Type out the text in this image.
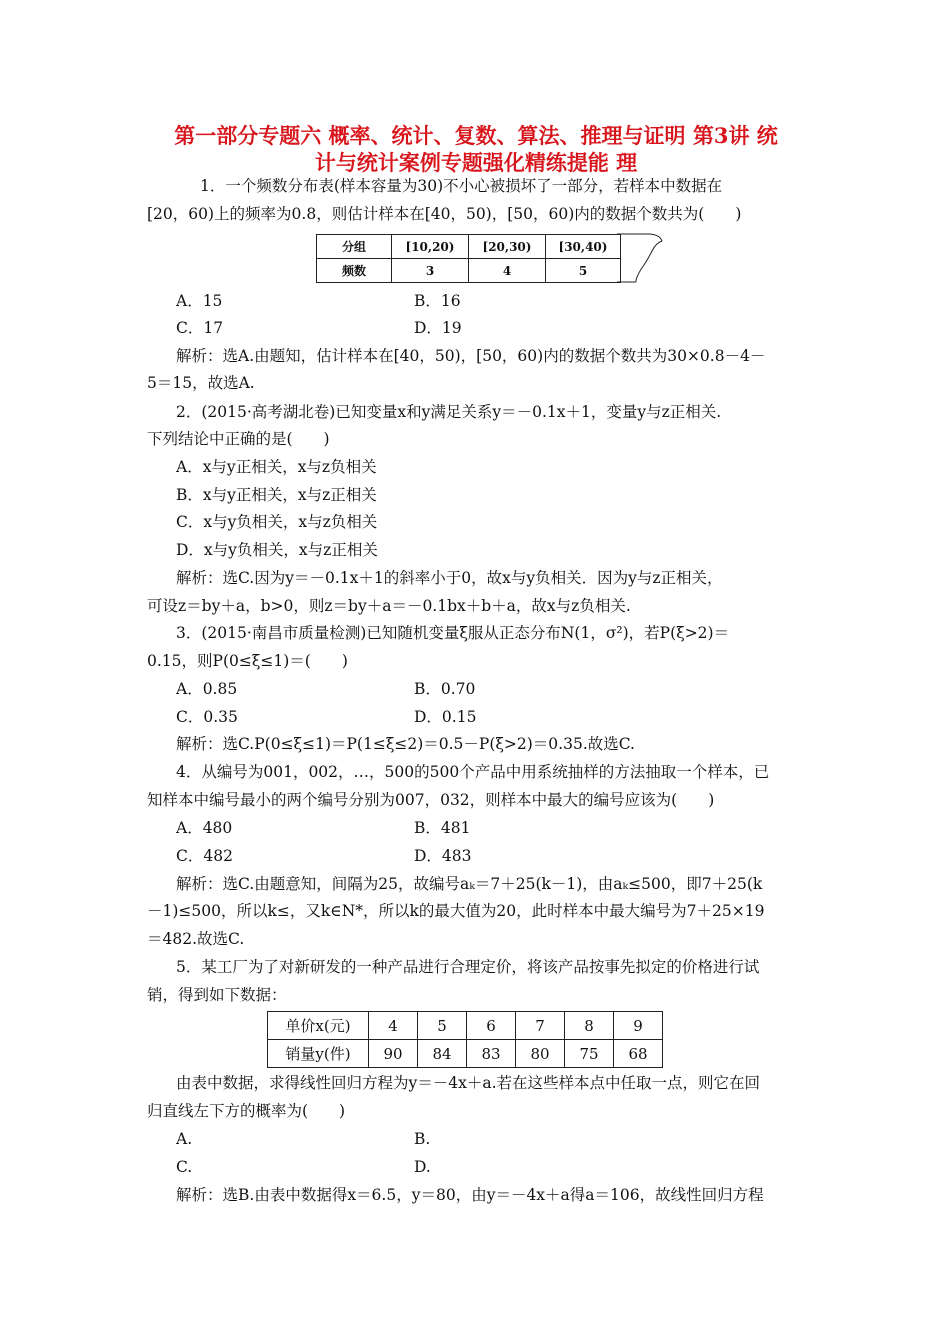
第一部分专题六 概率、统计、复数、算法、推理与证明 第3讲 统
计与统计案例专题强化精练提能 理
1．一个频数分布表(样本容量为30)不小心被损坏了一部分，若样本中数据在
[20，60)上的频率为0.8，则估计样本在[40，50)，[50，60)内的数据个数共为(　　)
分组	[10,20)	[20,30)	[30,40)	
频数	3	4	5	
A．15	B．16
C．17	D．19
解析：选A.由题知，估计样本在[40，50)，[50，60)内的数据个数共为30×0.8－4－
5＝15，故选A.
2．(2015·高考湖北卷)已知变量x和y满足关系y＝－0.1x＋1，变量y与z正相关.
下列结论中正确的是(　　)
A．x与y正相关，x与z负相关
B．x与y正相关，x与z正相关
C．x与y负相关，x与z负相关
D．x与y负相关，x与z正相关
解析：选C.因为y＝－0.1x＋1的斜率小于0，故x与y负相关．因为y与z正相关，
可设z＝by＋a，b>0，则z＝by＋a＝－0.1bx＋b＋a，故x与z负相关.
3．(2015·南昌市质量检测)已知随机变量ξ服从正态分布N(1，σ²)，若P(ξ>2)＝
0.15，则P(0≤ξ≤1)＝(　　)
A．0.85	B．0.70
C．0.35	D．0.15
解析：选C.P(0≤ξ≤1)＝P(1≤ξ≤2)＝0.5－P(ξ>2)＝0.35.故选C.
4．从编号为001，002，…，500的500个产品中用系统抽样的方法抽取一个样本，已
知样本中编号最小的两个编号分别为007，032，则样本中最大的编号应该为(　　)
A．480	B．481
C．482	D．483
解析：选C.由题意知，间隔为25，故编号aₖ＝7＋25(k－1)，由aₖ≤500，即7＋25(k
－1)≤500，所以k≤，又k∈N*，所以k的最大值为20，此时样本中最大编号为7＋25×19
＝482.故选C.
5．某工厂为了对新研发的一种产品进行合理定价，将该产品按事先拟定的价格进行试
销，得到如下数据：
单价x(元)	4	5	6	7	8	9
销量y(件)	90	84	83	80	75	68
由表中数据，求得线性回归方程为y＝－4x＋a.若在这些样本点中任取一点，则它在回
归直线左下方的概率为(　　)
A.	B.
C.	D.
解析：选B.由表中数据得x＝6.5，y＝80，由y＝－4x＋a得a＝106，故线性回归方程
